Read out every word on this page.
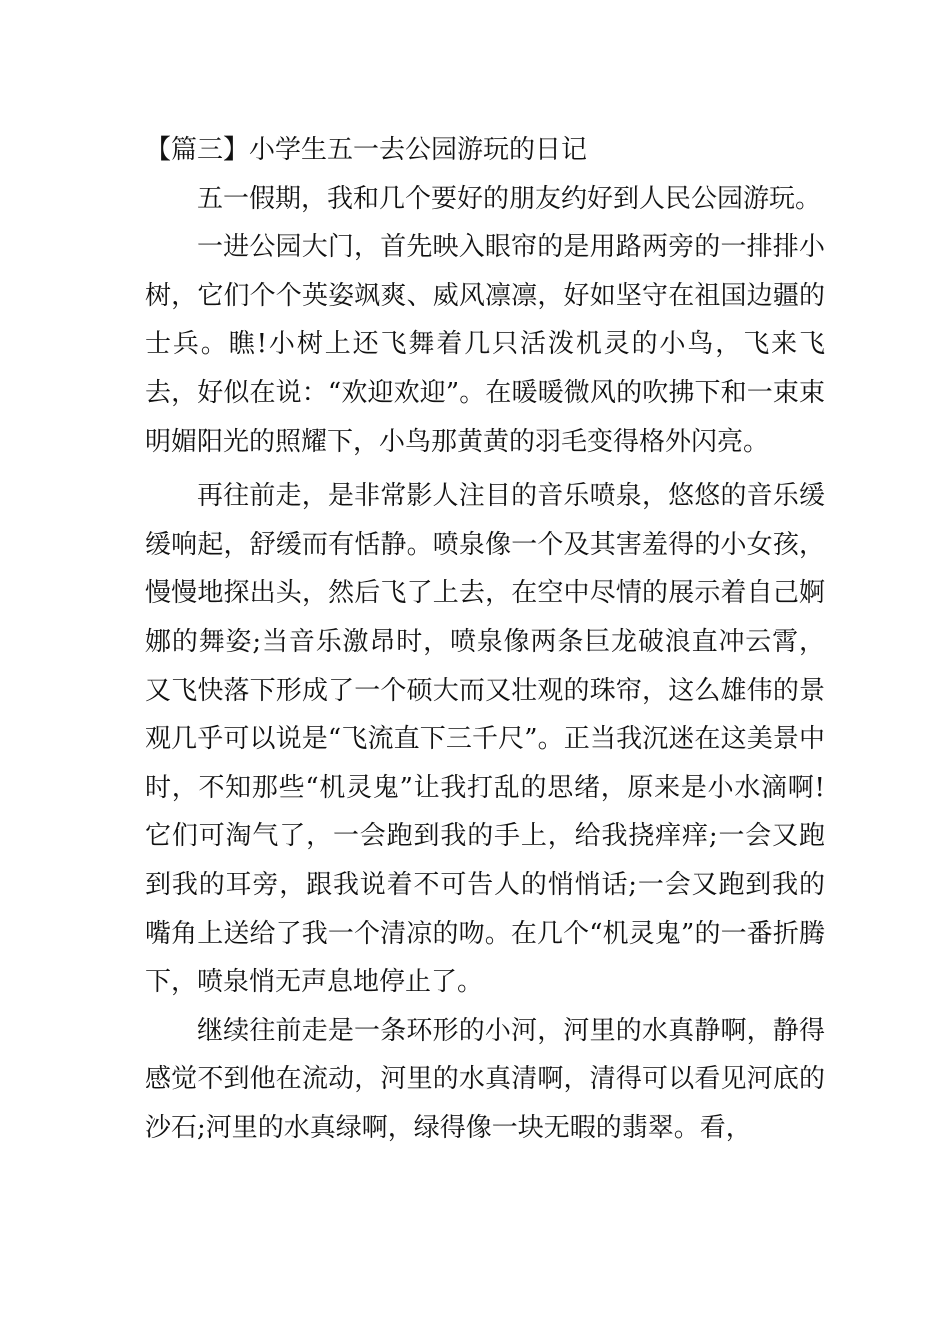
【篇三】小学生五一去公园游玩的日记

五一假期，我和几个要好的朋友约好到人民公园游玩。

一进公园大门，首先映入眼帘的是用路两旁的一排排小树，它们个个英姿飒爽、威风凛凛，好如坚守在祖国边疆的士兵。瞧!小树上还飞舞着几只活泼机灵的小鸟，飞来飞去，好似在说：“欢迎欢迎”。在暖暖微风的吹拂下和一束束明媚阳光的照耀下，小鸟那黄黄的羽毛变得格外闪亮。

再往前走，是非常影人注目的音乐喷泉，悠悠的音乐缓缓响起，舒缓而有恬静。喷泉像一个及其害羞得的小女孩，慢慢地探出头，然后飞了上去，在空中尽情的展示着自己婀娜的舞姿;当音乐激昂时，喷泉像两条巨龙破浪直冲云霄，又飞快落下形成了一个硕大而又壮观的珠帘，这么雄伟的景观几乎可以说是“飞流直下三千尺”。正当我沉迷在这美景中时，不知那些“机灵鬼”让我打乱的思绪，原来是小水滴啊!它们可淘气了，一会跑到我的手上，给我挠痒痒;一会又跑到我的耳旁，跟我说着不可告人的悄悄话;一会又跑到我的嘴角上送给了我一个清凉的吻。在几个“机灵鬼”的一番折腾下，喷泉悄无声息地停止了。

继续往前走是一条环形的小河，河里的水真静啊，静得感觉不到他在流动，河里的水真清啊，清得可以看见河底的沙石;河里的水真绿啊，绿得像一块无暇的翡翠。看，
